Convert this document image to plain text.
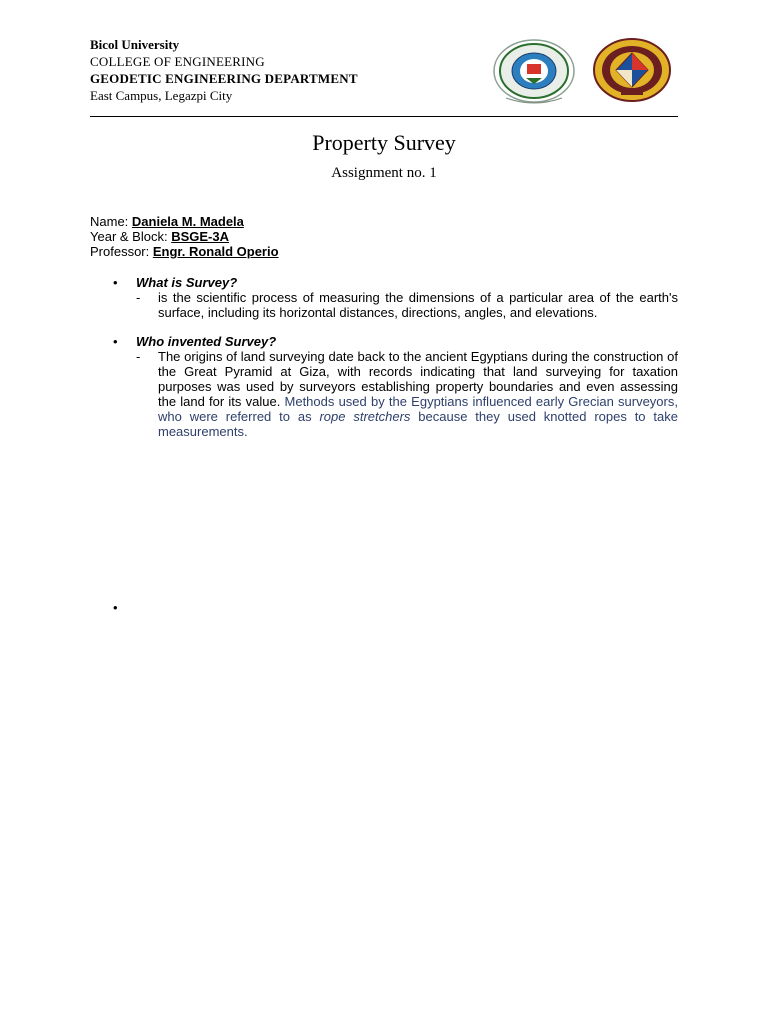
Bicol University
COLLEGE OF ENGINEERING
GEODETIC ENGINEERING DEPARTMENT
East Campus, Legazpi City
Property Survey
Assignment no. 1
Name: Daniela M. Madela
Year & Block: BSGE-3A
Professor: Engr. Ronald Operio
• What is Survey?
- is the scientific process of measuring the dimensions of a particular area of the earth's surface, including its horizontal distances, directions, angles, and elevations.
• Who invented Survey?
- The origins of land surveying date back to the ancient Egyptians during the construction of the Great Pyramid at Giza, with records indicating that land surveying for taxation purposes was used by surveyors establishing property boundaries and even assessing the land for its value. Methods used by the Egyptians influenced early Grecian surveyors, who were referred to as rope stretchers because they used knotted ropes to take measurements.
•
